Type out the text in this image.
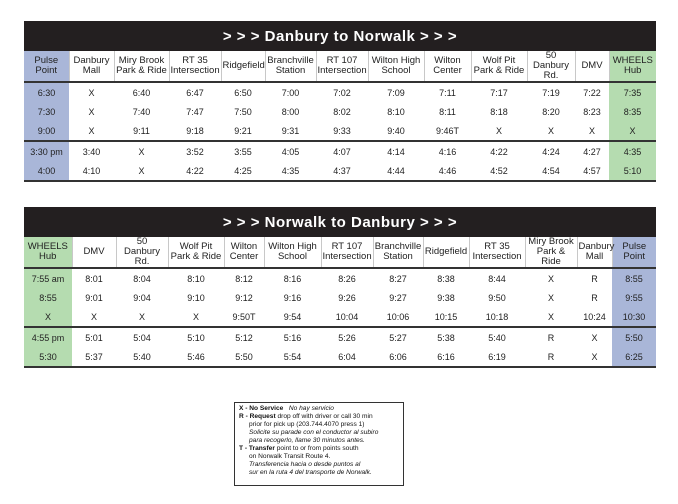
> > > Danbury to Norwalk > > >
Pulse Point	Danbury Mall	Miry Brook Park & Ride	RT 35 Intersection	Ridgefield	Branchville Station	RT 107 Intersection	Wilton High School	Wilton Center	Wolf Pit Park & Ride	50 Danbury Rd.	DMV	WHEELS Hub
6:30	X	6:40	6:47	6:50	7:00	7:02	7:09	7:11	7:17	7:19	7:22	7:35
7:30	X	7:40	7:47	7:50	8:00	8:02	8:10	8:11	8:18	8:20	8:23	8:35
9:00	X	9:11	9:18	9:21	9:31	9:33	9:40	9:46T	X	X	X	X
3:30 pm	3:40	X	3:52	3:55	4:05	4:07	4:14	4:16	4:22	4:24	4:27	4:35
4:00	4:10	X	4:22	4:25	4:35	4:37	4:44	4:46	4:52	4:54	4:57	5:10
> > > Norwalk to Danbury > > >
WHEELS Hub	DMV	50 Danbury Rd.	Wolf Pit Park & Ride	Wilton Center	Wilton High School	RT 107 Intersection	Branchville Station	Ridgefield	RT 35 Intersection	Miry Brook Park & Ride	Danbury Mall	Pulse Point
7:55 am	8:01	8:04	8:10	8:12	8:16	8:26	8:27	8:38	8:44	X	R	8:55
8:55	9:01	9:04	9:10	9:12	9:16	9:26	9:27	9:38	9:50	X	R	9:55
X	X	X	X	9:50T	9:54	10:04	10:06	10:15	10:18	X	10:24	10:30
4:55 pm	5:01	5:04	5:10	5:12	5:16	5:26	5:27	5:38	5:40	R	X	5:50
5:30	5:37	5:40	5:46	5:50	5:54	6:04	6:06	6:16	6:19	R	X	6:25
X - No Service No hay servicio
R - Request drop off with driver or call 30 min
prior for pick up (203.744.4070 press 1)
Solicite su parade con el conductor al subiro
para recogerlo, llame 30 minutos antes.
T - Transfer point to or from points south
on Norwalk Transit Route 4.
Transferencia hacia o desde puntos al
sur en la ruta 4 del transporte de Norwalk.
